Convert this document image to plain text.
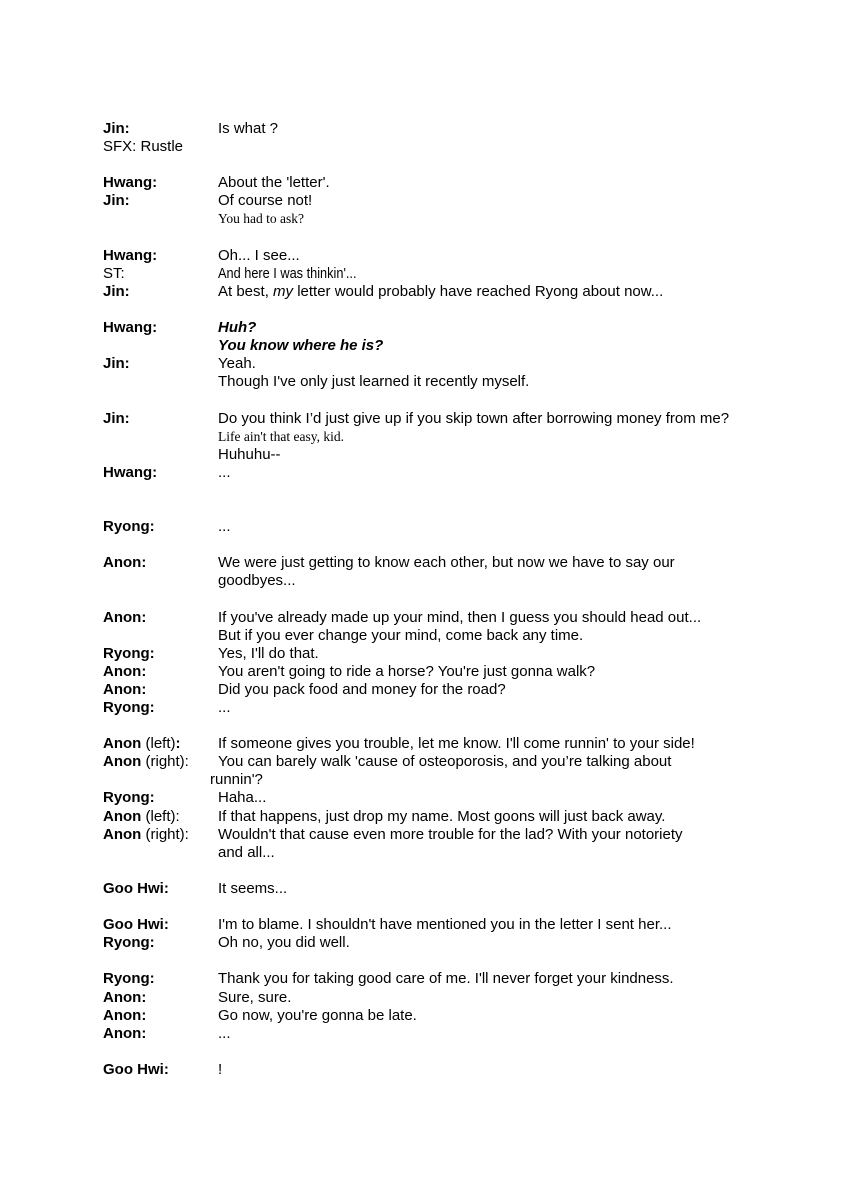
Jin:	Is what ?
SFX: Rustle

Hwang:	About the 'letter'.
Jin:	Of course not!
You had to ask?

Hwang:	Oh... I see...
ST:	And here I was thinkin'...
Jin:	At best, my letter would probably have reached Ryong about now...

Hwang:	Huh?
You know where he is?
Jin:	Yeah.
Though I've only just learned it recently myself.

Jin:	Do you think I’d just give up if you skip town after borrowing money from me?
Life ain't that easy, kid.
Huhuhu--
Hwang:	...

Ryong:	...

Anon:	We were just getting to know each other, but now we have to say our
goodbyes...

Anon:	If you've already made up your mind, then I guess you should head out...
But if you ever change your mind, come back any time.
Ryong:	Yes, I'll do that.
Anon:	You aren't going to ride a horse? You're just gonna walk?
Anon:	Did you pack food and money for the road?
Ryong:	...

Anon (left):	If someone gives you trouble, let me know. I'll come runnin' to your side!
Anon (right):	You can barely walk 'cause of osteoporosis, and you’re talking about
runnin'?
Ryong:	Haha...
Anon (left):	If that happens, just drop my name. Most goons will just back away.
Anon (right):	Wouldn't that cause even more trouble for the lad? With your notoriety
and all...

Goo Hwi:	It seems...

Goo Hwi:	I'm to blame. I shouldn't have mentioned you in the letter I sent her...
Ryong:	Oh no, you did well.

Ryong:	Thank you for taking good care of me. I'll never forget your kindness.
Anon:	Sure, sure.
Anon:	Go now, you're gonna be late.
Anon:	...

Goo Hwi:	!
